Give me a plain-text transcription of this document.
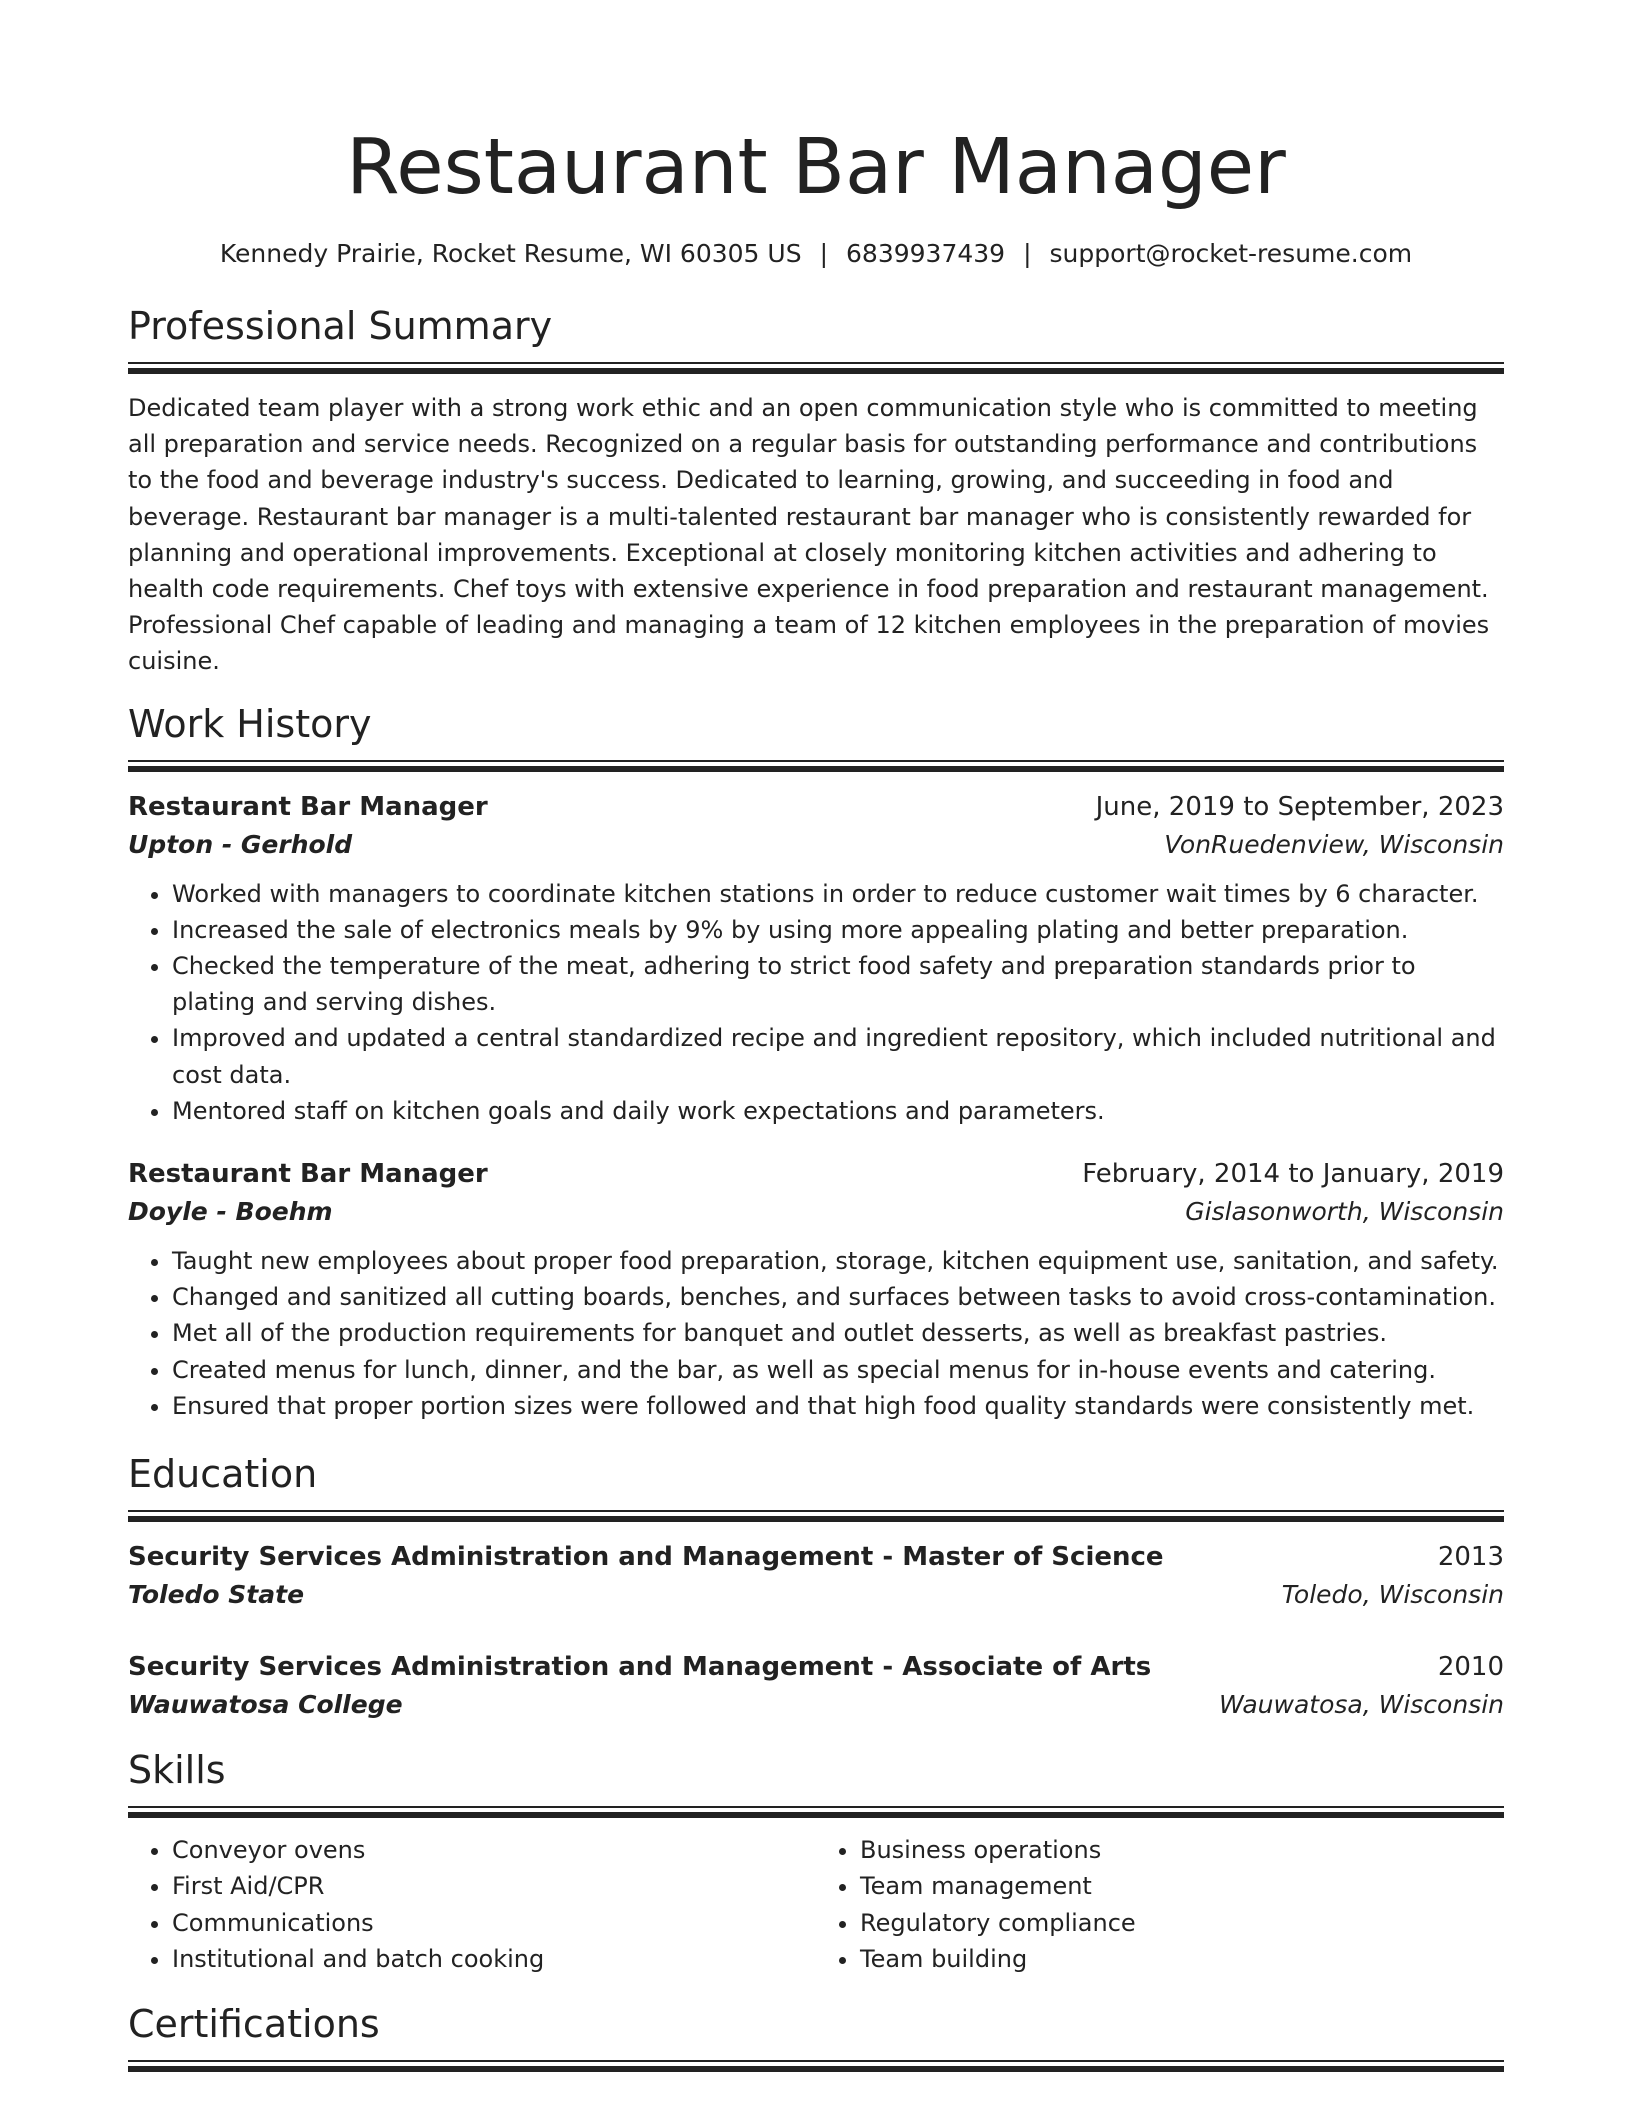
Restaurant Bar Manager
Kennedy Prairie, Rocket Resume, WI 60305 US | 6839937439 | support@rocket-resume.com
Professional Summary

Dedicated team player with a strong work ethic and an open communication style who is committed to meeting all preparation and service needs. Recognized on a regular basis for outstanding performance and contributions to the food and beverage industry's success. Dedicated to learning, growing, and succeeding in food and beverage. Restaurant bar manager is a multi-talented restaurant bar manager who is consistently rewarded for planning and operational improvements. Exceptional at closely monitoring kitchen activities and adhering to health code requirements. Chef toys with extensive experience in food preparation and restaurant management. Professional Chef capable of leading and managing a team of 12 kitchen employees in the preparation of movies cuisine.

Work History
Restaurant Bar Manager	June, 2019 to September, 2023
Upton - Gerhold	VonRuedenview, Wisconsin
• Worked with managers to coordinate kitchen stations in order to reduce customer wait times by 6 character.
• Increased the sale of electronics meals by 9% by using more appealing plating and better preparation.
• Checked the temperature of the meat, adhering to strict food safety and preparation standards prior to plating and serving dishes.
• Improved and updated a central standardized recipe and ingredient repository, which included nutritional and cost data.
• Mentored staff on kitchen goals and daily work expectations and parameters.
Restaurant Bar Manager	February, 2014 to January, 2019
Doyle - Boehm	Gislasonworth, Wisconsin
• Taught new employees about proper food preparation, storage, kitchen equipment use, sanitation, and safety.
• Changed and sanitized all cutting boards, benches, and surfaces between tasks to avoid cross-contamination.
• Met all of the production requirements for banquet and outlet desserts, as well as breakfast pastries.
• Created menus for lunch, dinner, and the bar, as well as special menus for in-house events and catering.
• Ensured that proper portion sizes were followed and that high food quality standards were consistently met.
Education
Security Services Administration and Management - Master of Science	2013
Toledo State	Toledo, Wisconsin
Security Services Administration and Management - Associate of Arts	2010
Wauwatosa College	Wauwatosa, Wisconsin
Skills
• Conveyor ovens
• First Aid/CPR
• Communications
• Institutional and batch cooking
• Business operations
• Team management
• Regulatory compliance
• Team building
Certifications
